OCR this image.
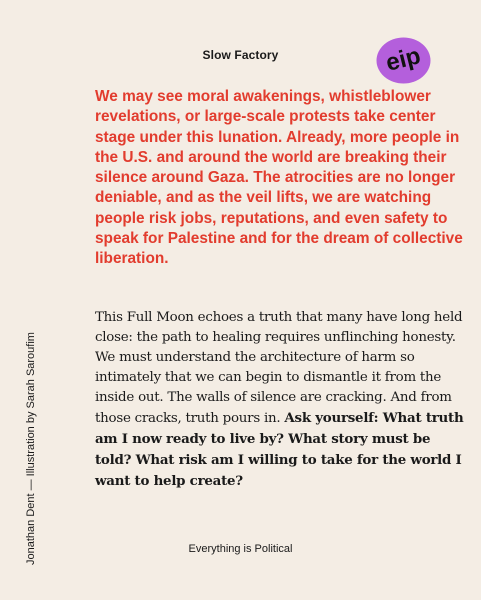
Slow Factory	eip
Jonathan Dent — Illustration by Sarah Saroufim

We may see moral awakenings, whistleblower revelations, or large-scale protests take center stage under this lunation. Already, more people in the U.S. and around the world are breaking their silence around Gaza. The atrocities are no longer deniable, and as the veil lifts, we are watching people risk jobs, reputations, and even safety to speak for Palestine and for the dream of collective liberation.

This Full Moon echoes a truth that many have long held close: the path to healing requires unflinching honesty. We must understand the architecture of harm so intimately that we can begin to dismantle it from the inside out. The walls of silence are cracking. And from those cracks, truth pours in. Ask yourself: What truth am I now ready to live by? What story must be told? What risk am I willing to take for the world I want to help create?

Everything is Political
